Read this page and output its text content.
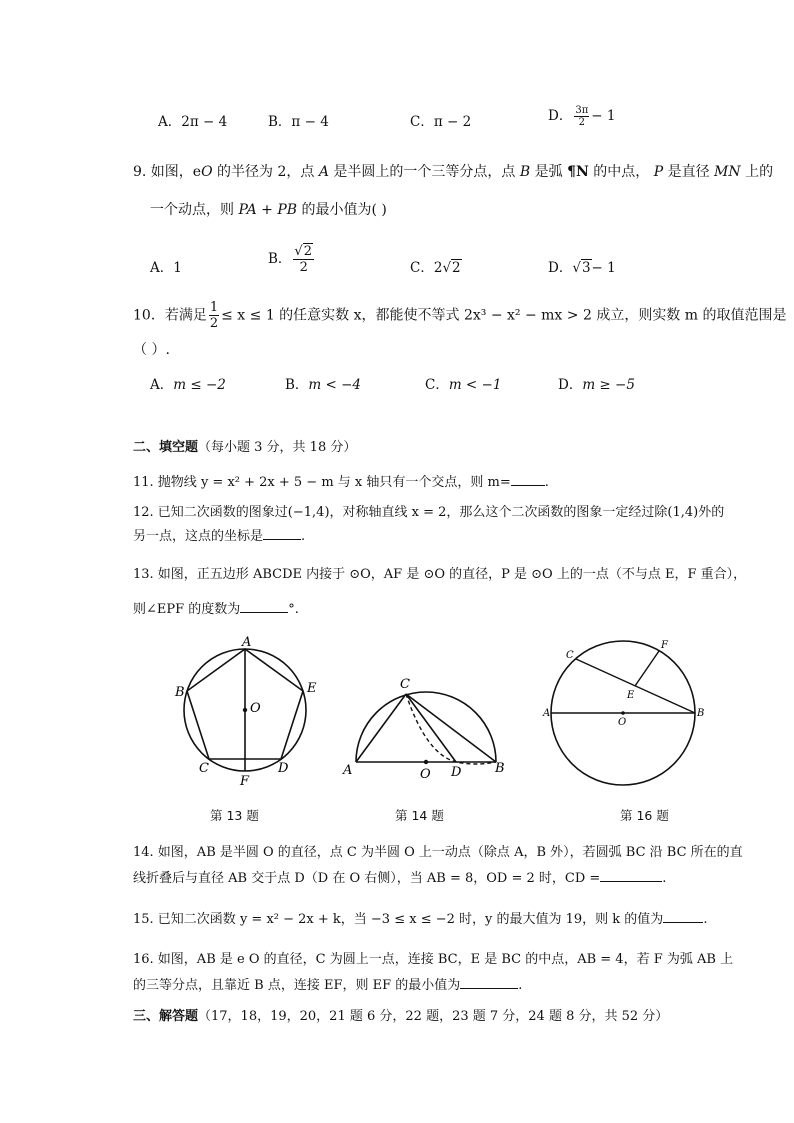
A．2π − 4	B．π − 4	C．π − 2	D． $\frac{3\pi}{2} - 1$
9. 如图，eO 的半径为 2，点 A 是半圆上的一个三等分点，点 B 是弧 ¶N 的中点， P 是直径 MN 上的
一个动点，则 PA + PB 的最小值为( )
A．1
B． $\frac{√2}{2}$	C．2√2	D．√3− 1
10．若满足 $\frac{1}{2} \le x \le 1$ 的任意实数 x，都能使不等式 2x³ − x² − mx > 2 成立，则实数 m 的取值范围是
（ ）.
A．m ≤ −2	B．m < −4	C．m < −1	D．m ≥ −5
二、填空题（每小题 3 分，共 18 分）
11. 抛物线 y = x² + 2x + 5 − m 与 x 轴只有一个交点，则 m=	.
12. 已知二次函数的图象过(−1,4)，对称轴直线 x = 2，那么这个二次函数的图象一定经过除(1,4)外的
另一点，这点的坐标是	.
13. 如图，正五边形 ABCDE 内接于 ⊙O，AF 是 ⊙O 的直径，P 是 ⊙O 上的一点（不与点 E，F 重合），
则∠EPF 的度数为	°.
A
B	E
O
C	D
F
第 13 题
C
A	O D	B
第 14 题
C
F
E
A
O
B
第 16 题
14. 如图，AB 是半圆 O 的直径，点 C 为半圆 O 上一动点（除点 A，B 外），若圆弧 BC 沿 BC 所在的直
线折叠后与直径 AB 交于点 D（D 在 O 右侧），当 AB = 8，OD = 2 时，CD =	.
15. 已知二次函数 y = x² − 2x + k，当 −3 ≤ x ≤ −2 时，y 的最大值为 19，则 k 的值为	.
16. 如图，AB 是 e O 的直径，C 为圆上一点，连接 BC，E 是 BC 的中点，AB = 4，若 F 为弧 AB 上
的三等分点，且靠近 B 点，连接 EF，则 EF 的最小值为	.
三、解答题（17，18，19，20，21 题 6 分，22 题，23 题 7 分，24 题 8 分，共 52 分）
